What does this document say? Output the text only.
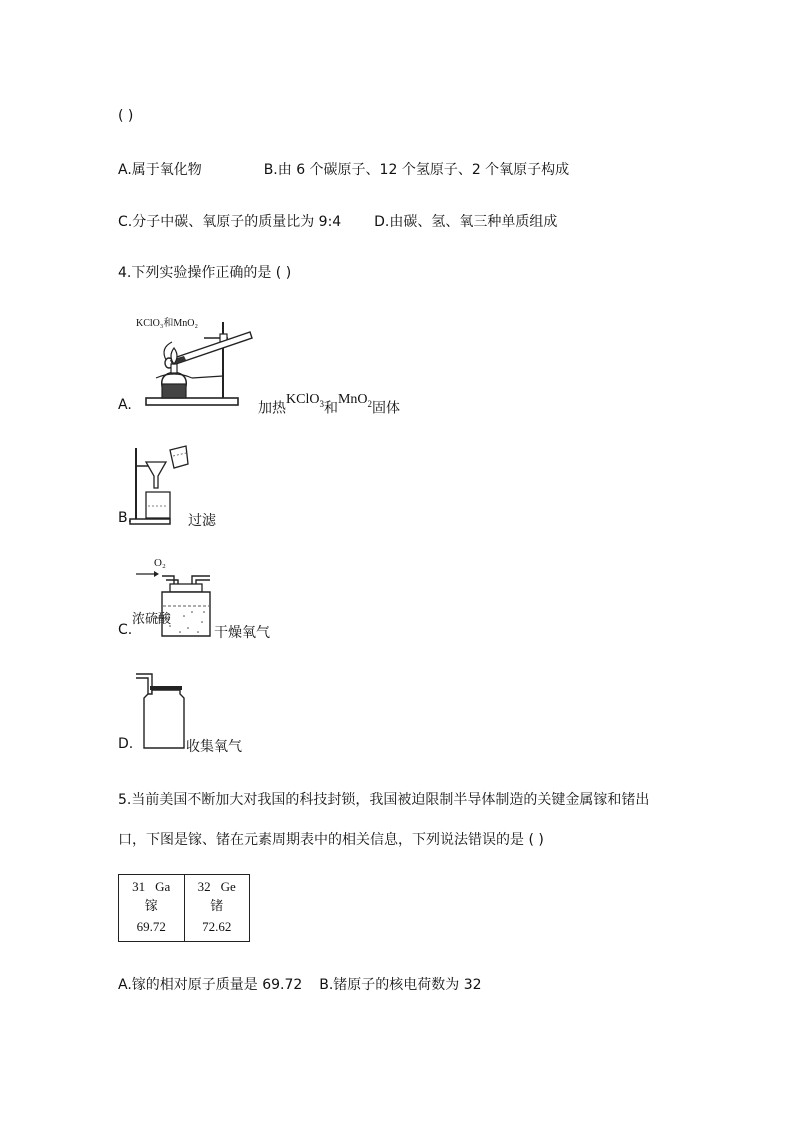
( )
A.属于氧化物	B.由 6 个碳原子、12 个氢原子、2 个氧原子构成
C.分子中碳、氧原子的质量比为 9:4 D.由碳、氢、氧三种单质组成
4.下列实验操作正确的是 ( )
KClO₃和MnO₂
A.	加热$^{KClO_3}$和$^{MnO_2}$固体
B.	过滤
O₂
浓硫酸
C.	干燥氧气
D.	收集氧气
5.当前美国不断加大对我国的科技封锁，我国被迫限制半导体制造的关键金属镓和锗出
口，下图是镓、锗在元素周期表中的相关信息，下列说法错误的是 ( )
31 Ga
镓
69.72
32 Ge
锗
72.62
A.镓的相对原子质量是 69.72 B.锗原子的核电荷数为 32
